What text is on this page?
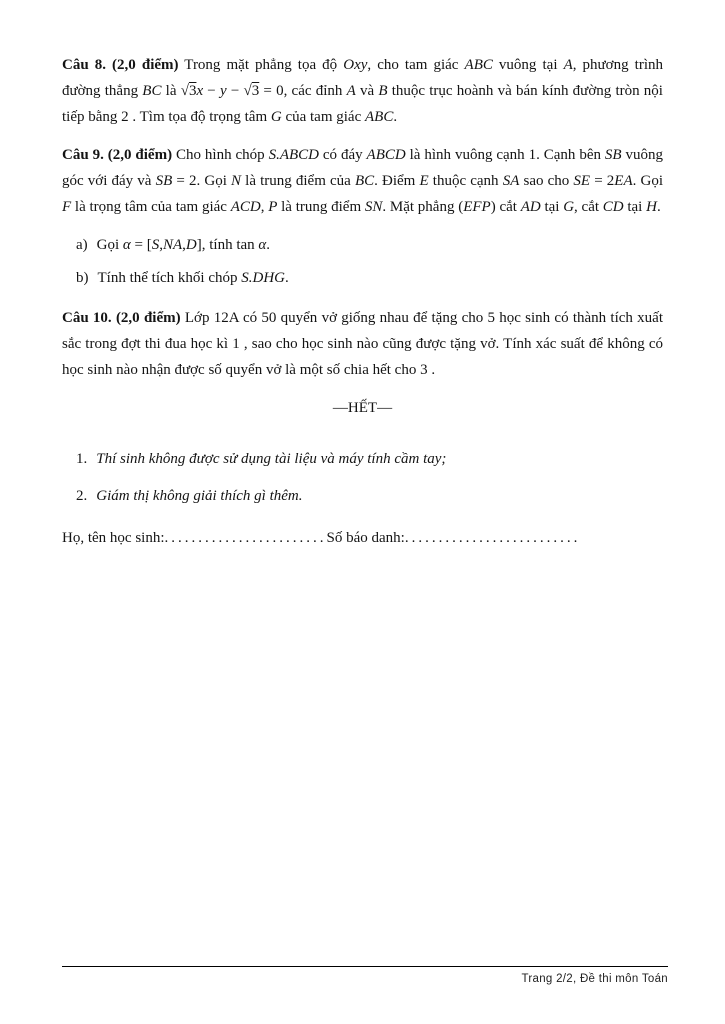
Câu 8. (2,0 điểm) Trong mặt phẳng tọa độ Oxy, cho tam giác ABC vuông tại A, phương trình đường thẳng BC là √3x − y − √3 = 0, các đỉnh A và B thuộc trục hoành và bán kính đường tròn nội tiếp bằng 2 . Tìm tọa độ trọng tâm G của tam giác ABC.

Câu 9. (2,0 điểm) Cho hình chóp S.ABCD có đáy ABCD là hình vuông cạnh 1. Cạnh bên SB vuông góc với đáy và SB = 2. Gọi N là trung điểm của BC. Điểm E thuộc cạnh SA sao cho SE = 2EA. Gọi F là trọng tâm của tam giác ACD, P là trung điểm SN. Mặt phẳng (EFP) cắt AD tại G, cắt CD tại H.

a) Gọi α = [S,NA,D], tính tan α.
b) Tính thể tích khối chóp S.DHG.

Câu 10. (2,0 điểm) Lớp 12A có 50 quyển vở giống nhau để tặng cho 5 học sinh có thành tích xuất sắc trong đợt thi đua học kì 1 , sao cho học sinh nào cũng được tặng vở. Tính xác suất để không có học sinh nào nhận được số quyển vở là một số chia hết cho 3 .

—HẾT—
1. Thí sinh không được sử dụng tài liệu và máy tính cầm tay;
2. Giám thị không giải thích gì thêm.
Họ, tên học sinh:........................Số báo danh:..........................
Trang 2/2, Đề thi môn Toán
